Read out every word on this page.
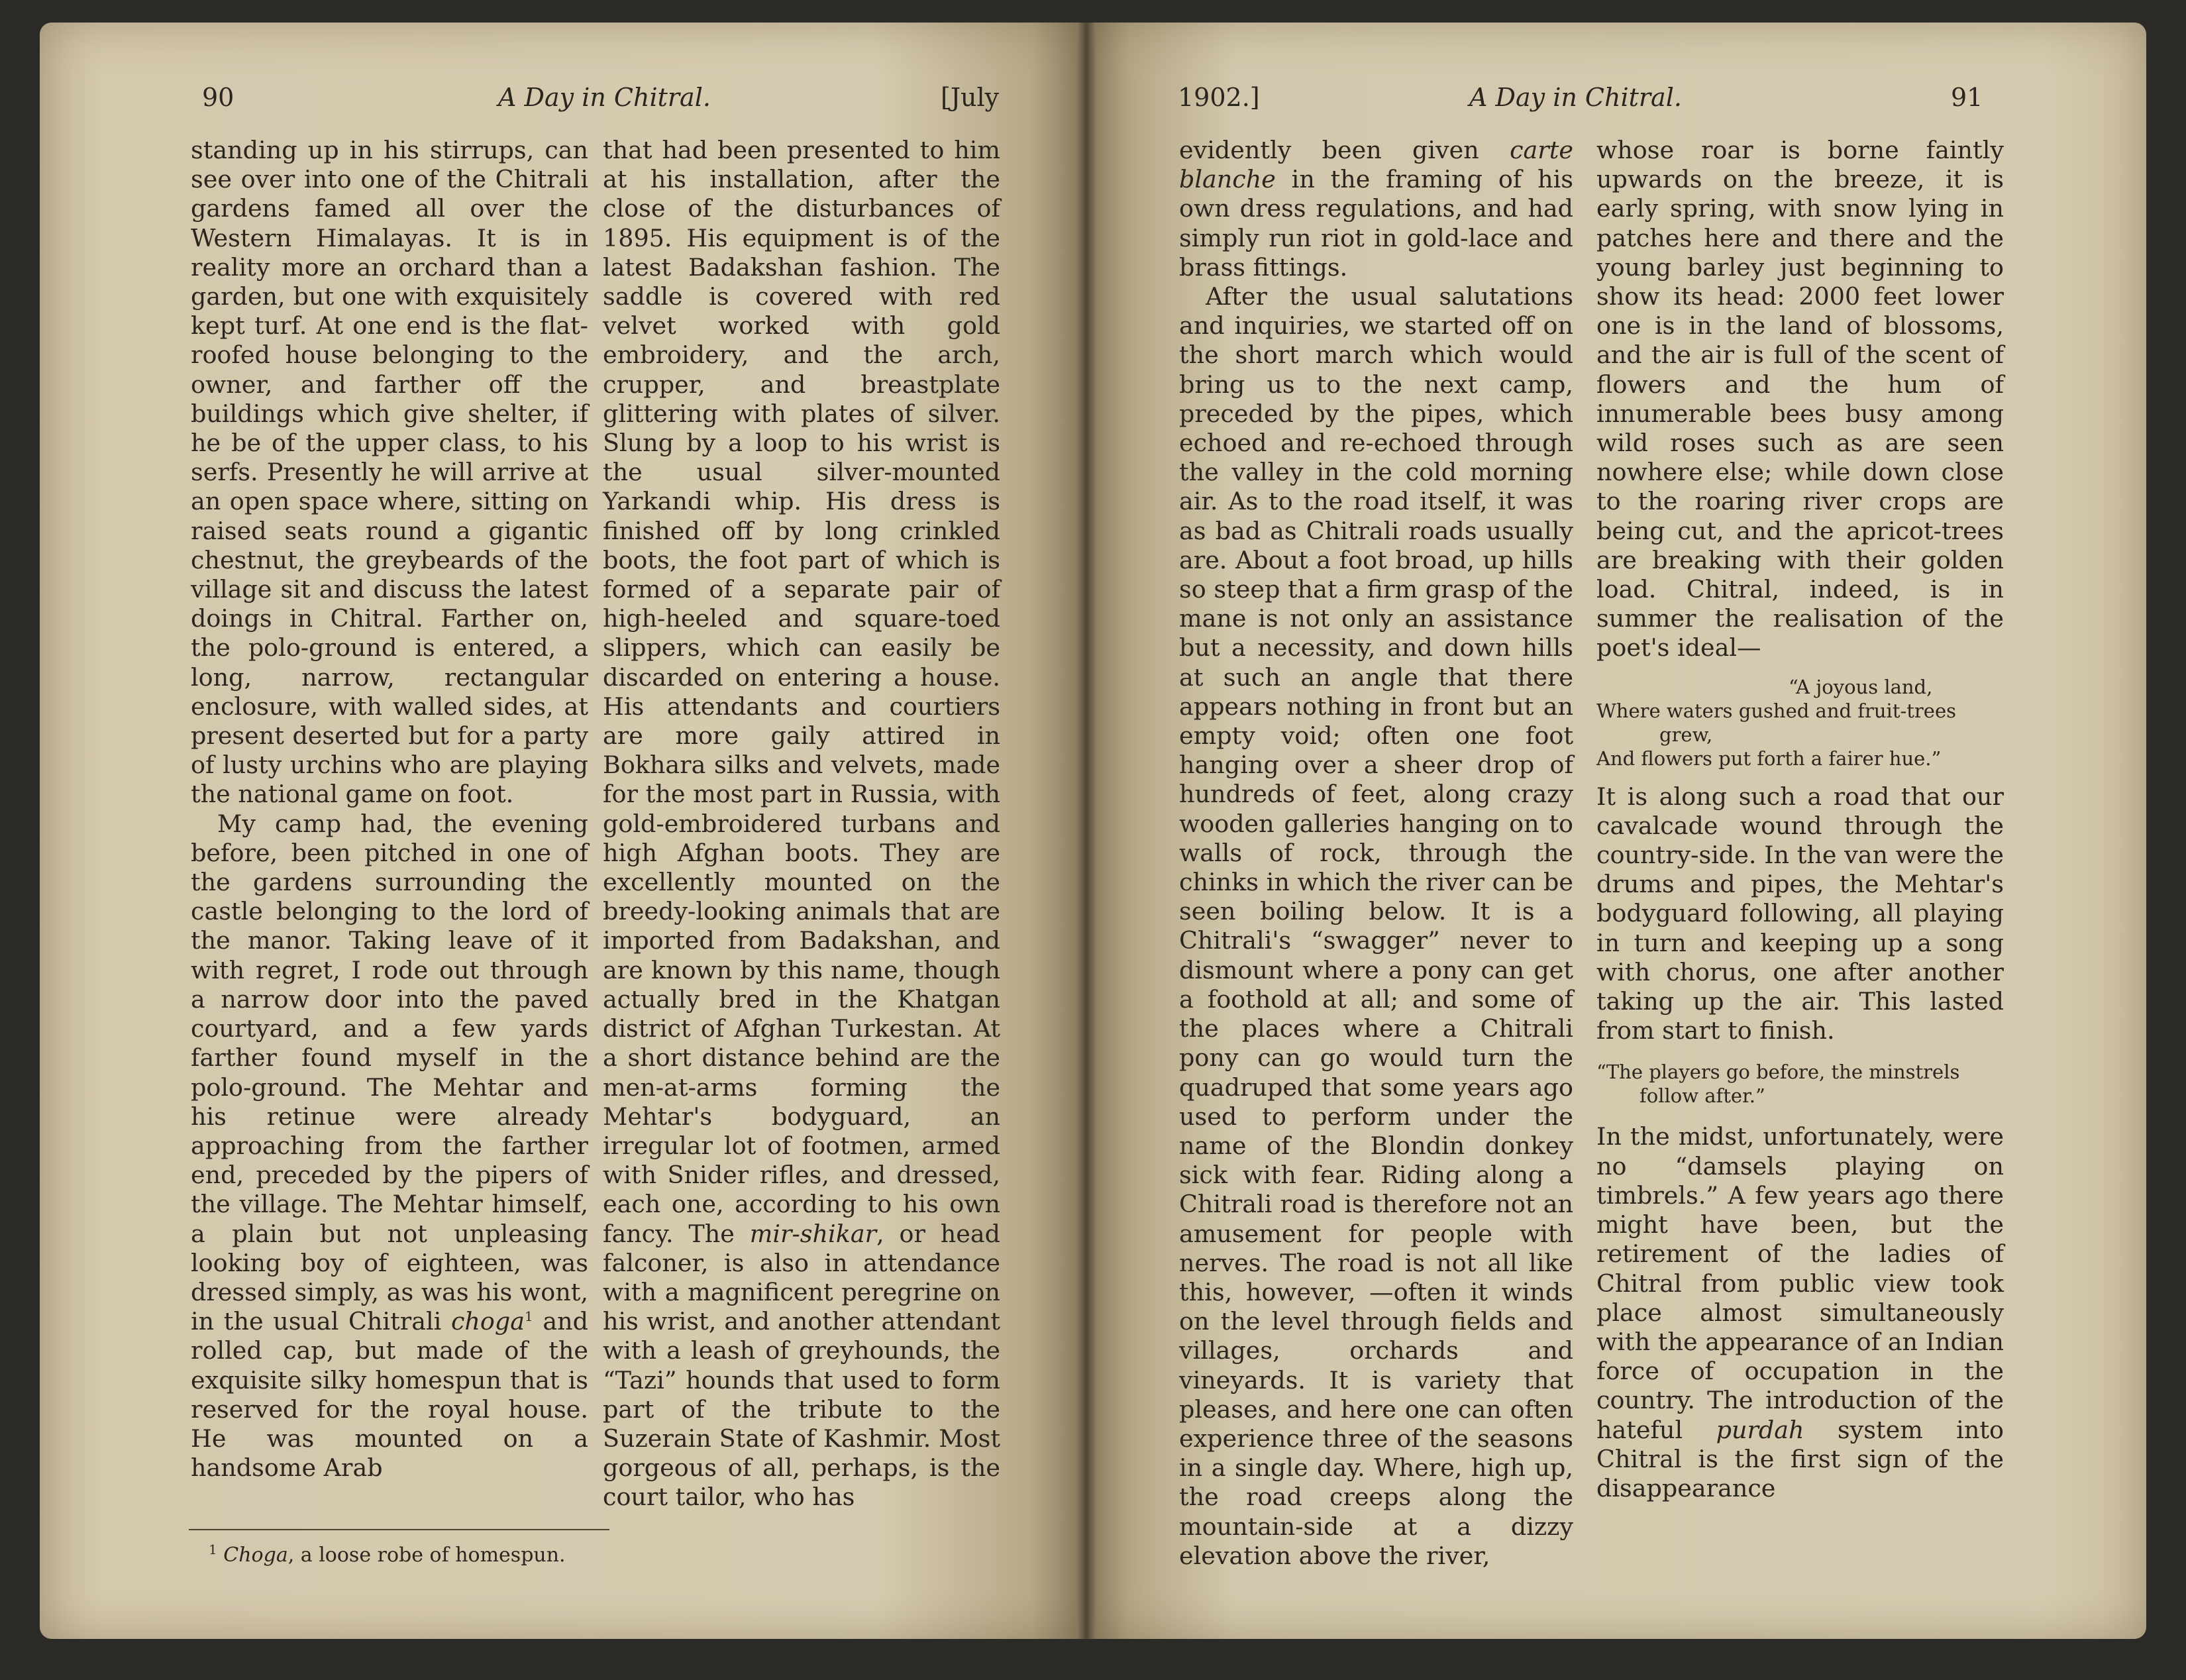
90	A Day in Chitral.	[July

standing up in his stirrups, can see over into one of the Chitrali gardens famed all over the Western Himalayas. It is in reality more an orchard than a garden, but one with exquisitely kept turf. At one end is the flat-roofed house belonging to the owner, and farther off the buildings which give shelter, if he be of the upper class, to his serfs. Presently he will arrive at an open space where, sitting on raised seats round a gigantic chestnut, the greybeards of the village sit and discuss the latest doings in Chitral. Farther on, the polo-ground is entered, a long, narrow, rectangular enclosure, with walled sides, at present deserted but for a party of lusty urchins who are playing the national game on foot.

My camp had, the evening before, been pitched in one of the gardens surrounding the castle belonging to the lord of the manor. Taking leave of it with regret, I rode out through a narrow door into the paved courtyard, and a few yards farther found myself in the polo-ground. The Mehtar and his retinue were already approaching from the farther end, preceded by the pipers of the village. The Mehtar himself, a plain but not unpleasing looking boy of eighteen, was dressed simply, as was his wont, in the usual Chitrali choga$^1$ and rolled cap, but made of the exquisite silky homespun that is reserved for the royal house. He was mounted on a handsome Arab

that had been presented to him at his installation, after the close of the disturbances of 1895. His equipment is of the latest Badakshan fashion. The saddle is covered with red velvet worked with gold embroidery, and the arch, crupper, and breastplate glittering with plates of silver. Slung by a loop to his wrist is the usual silver-mounted Yarkandi whip. His dress is finished off by long crinkled boots, the foot part of which is formed of a separate pair of high-heeled and square-toed slippers, which can easily be discarded on entering a house. His attendants and courtiers are more gaily attired in Bokhara silks and velvets, made for the most part in Russia, with gold-embroidered turbans and high Afghan boots. They are excellently mounted on the breedy-looking animals that are imported from Badakshan, and are known by this name, though actually bred in the Khatgan district of Afghan Turkestan. At a short distance behind are the men-at-arms forming the Mehtar's bodyguard, an irregular lot of footmen, armed with Snider rifles, and dressed, each one, according to his own fancy. The mir-shikar, or head falconer, is also in attendance with a magnificent peregrine on his wrist, and another attendant with a leash of greyhounds, the “Tazi” hounds that used to form part of the tribute to the Suzerain State of Kashmir. Most gorgeous of all, perhaps, is the court tailor, who has

$^1$ Choga, a loose robe of homespun.
1902.]	A Day in Chitral.	91

evidently been given carte blanche in the framing of his own dress regulations, and had simply run riot in gold-lace and brass fittings.

After the usual salutations and inquiries, we started off on the short march which would bring us to the next camp, preceded by the pipes, which echoed and re-echoed through the valley in the cold morning air. As to the road itself, it was as bad as Chitrali roads usually are. About a foot broad, up hills so steep that a firm grasp of the mane is not only an assistance but a necessity, and down hills at such an angle that there appears nothing in front but an empty void; often one foot hanging over a sheer drop of hundreds of feet, along crazy wooden galleries hanging on to walls of rock, through the chinks in which the river can be seen boiling below. It is a Chitrali's “swagger” never to dismount where a pony can get a foothold at all; and some of the places where a Chitrali pony can go would turn the quadruped that some years ago used to perform under the name of the Blondin donkey sick with fear. Riding along a Chitrali road is therefore not an amusement for people with nerves. The road is not all like this, however, —often it winds on the level through fields and villages, orchards and vineyards. It is variety that pleases, and here one can often experience three of the seasons in a single day. Where, high up, the road creeps along the mountain-side at a dizzy elevation above the river,

whose roar is borne faintly upwards on the breeze, it is early spring, with snow lying in patches here and there and the young barley just beginning to show its head: 2000 feet lower one is in the land of blossoms, and the air is full of the scent of flowers and the hum of innumerable bees busy among wild roses such as are seen nowhere else; while down close to the roaring river crops are being cut, and the apricot-trees are breaking with their golden load. Chitral, indeed, is in summer the realisation of the poet's ideal—

“A joyous land,
Where waters gushed and fruit-trees
grew,
And flowers put forth a fairer hue.”

It is along such a road that our cavalcade wound through the country-side. In the van were the drums and pipes, the Mehtar's bodyguard following, all playing in turn and keeping up a song with chorus, one after another taking up the air. This lasted from start to finish.

“The players go before, the minstrels
follow after.”

In the midst, unfortunately, were no “damsels playing on timbrels.” A few years ago there might have been, but the retirement of the ladies of Chitral from public view took place almost simultaneously with the appearance of an Indian force of occupation in the country. The introduction of the hateful purdah system into Chitral is the first sign of the disappearance
